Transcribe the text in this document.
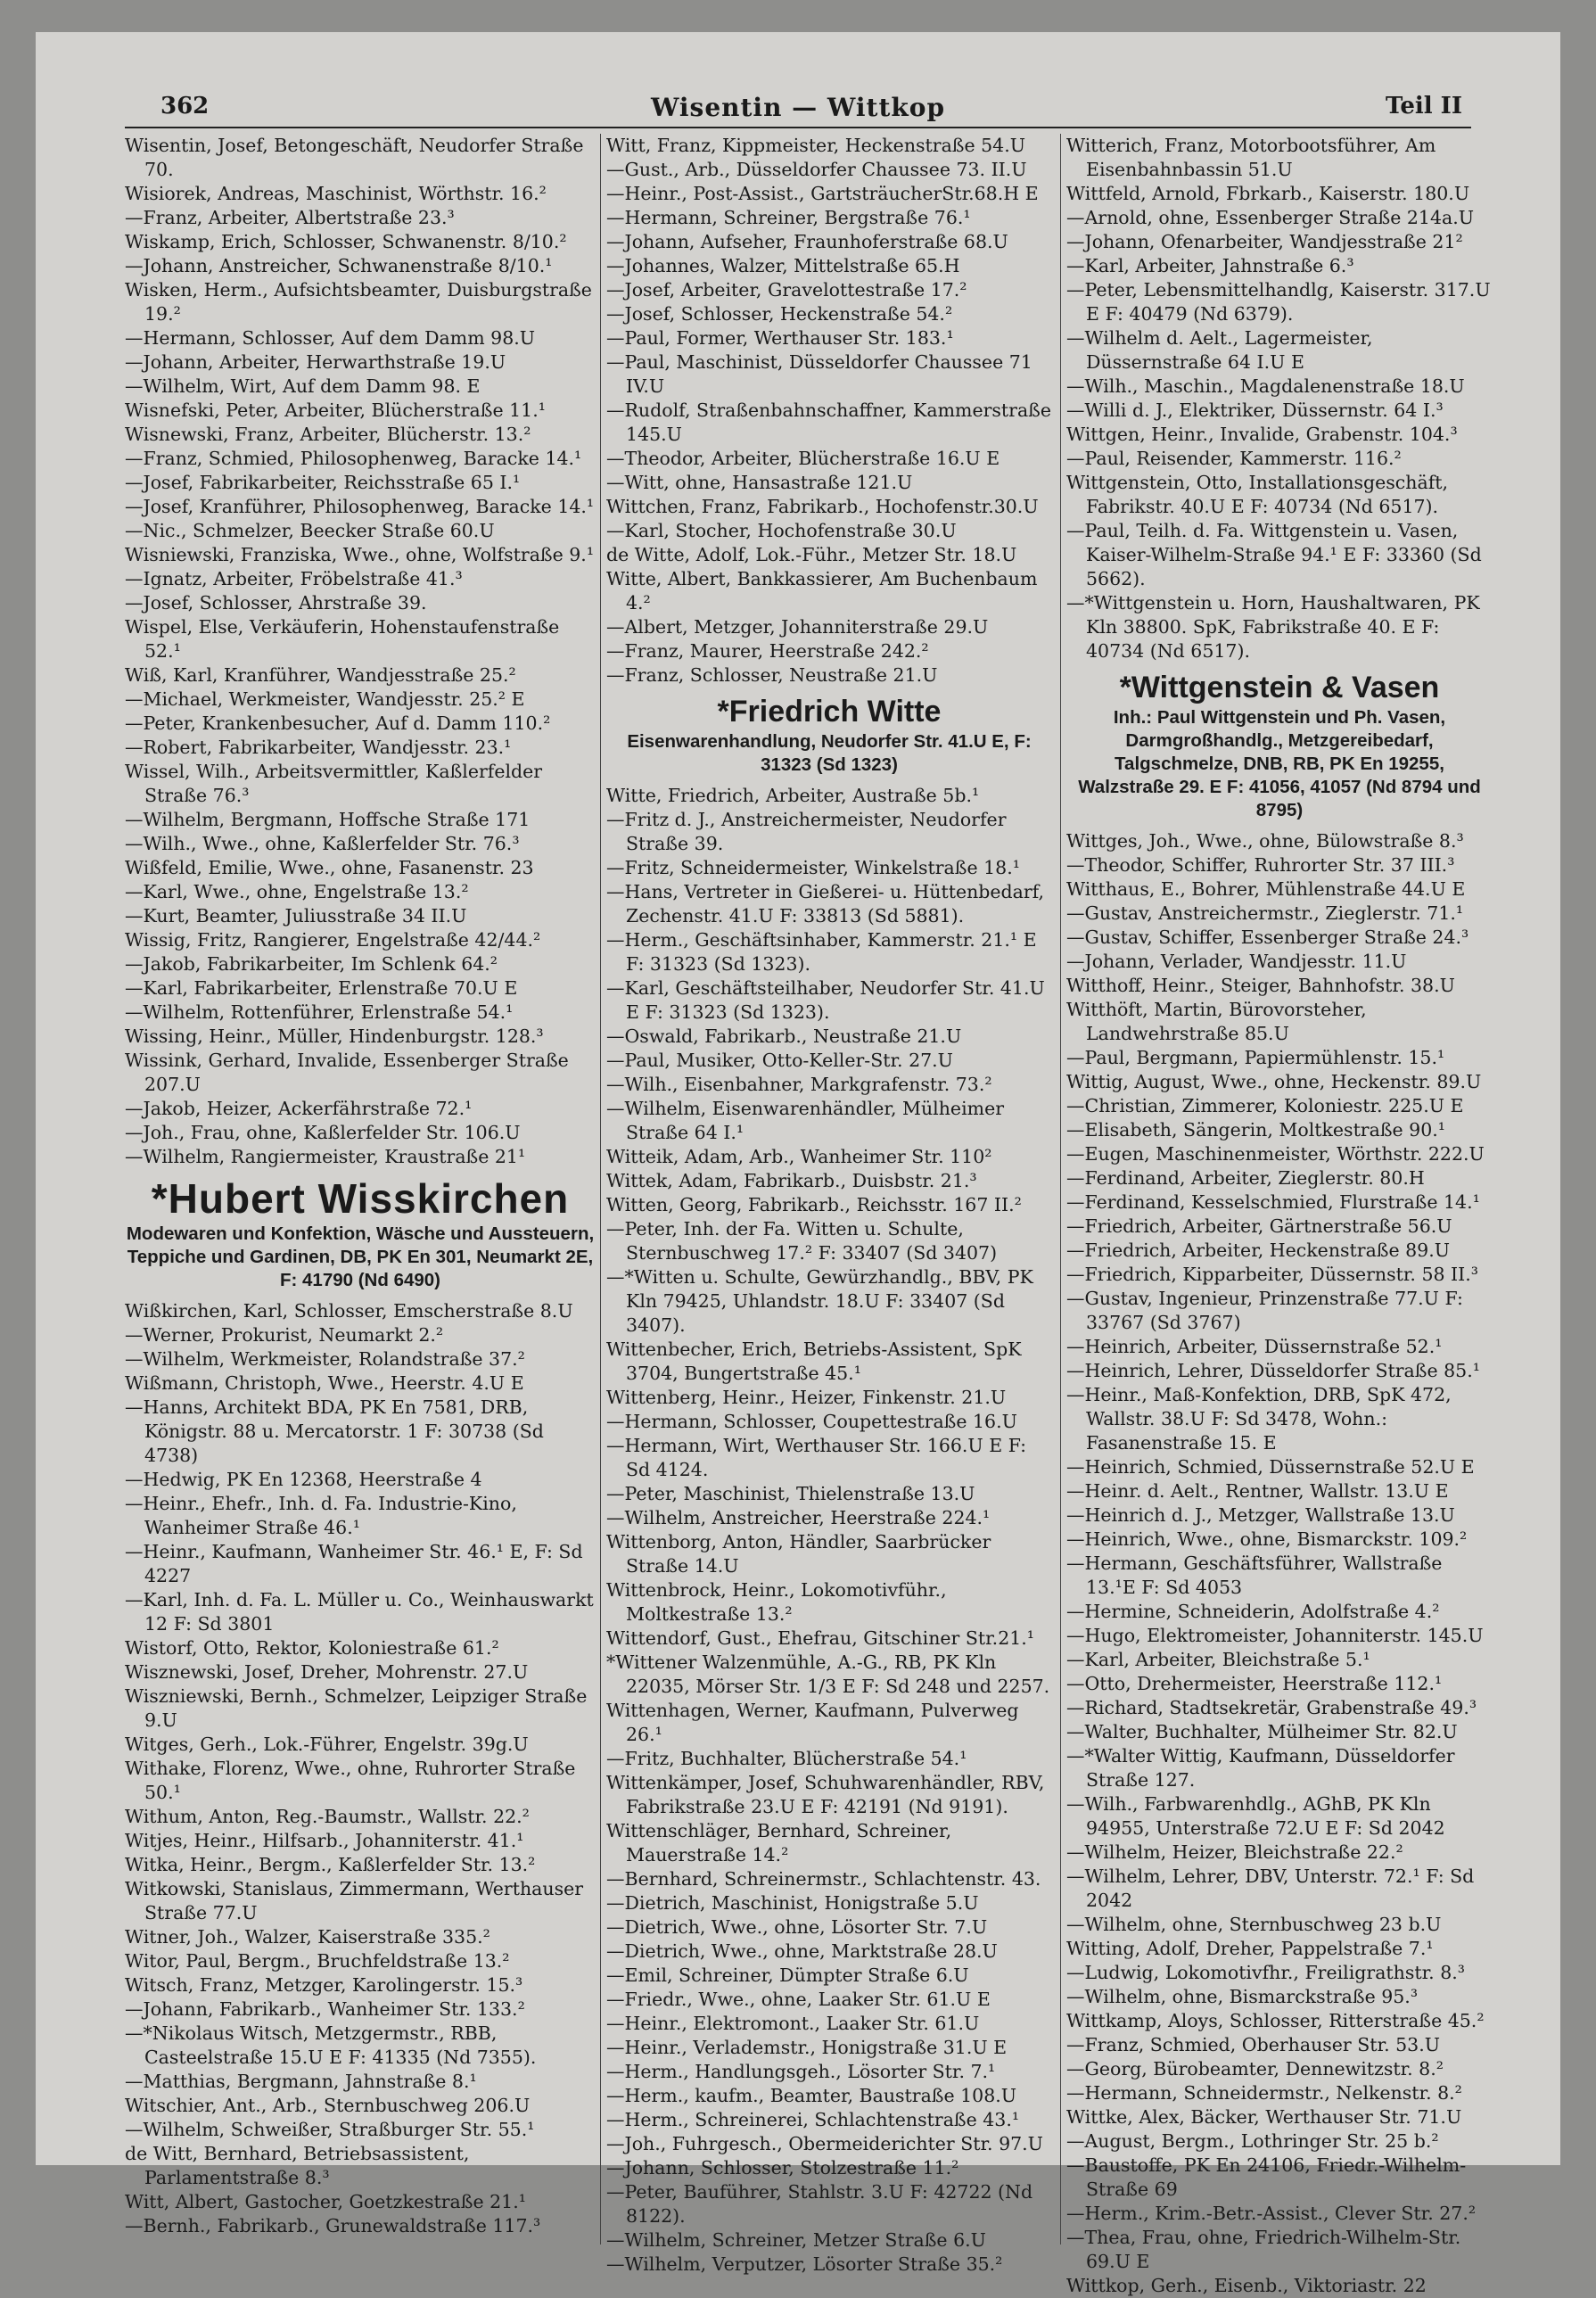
362	Wisentin — Wittkop	Teil II

Wisentin, Josef, Betongeschäft, Neudorfer Straße 70.

Wisiorek, Andreas, Maschinist, Wörthstr. 16.²

—Franz, Arbeiter, Albertstraße 23.³

Wiskamp, Erich, Schlosser, Schwanenstr. 8/10.²

—Johann, Anstreicher, Schwanenstraße 8/10.¹

Wisken, Herm., Aufsichtsbeamter, Duisburgstraße 19.²

—Hermann, Schlosser, Auf dem Damm 98.U

—Johann, Arbeiter, Herwarthstraße 19.U

—Wilhelm, Wirt, Auf dem Damm 98. E

Wisnefski, Peter, Arbeiter, Blücherstraße 11.¹

Wisnewski, Franz, Arbeiter, Blücherstr. 13.²

—Franz, Schmied, Philosophenweg, Baracke 14.¹

—Josef, Fabrikarbeiter, Reichsstraße 65 I.¹

—Josef, Kranführer, Philosophenweg, Baracke 14.¹

—Nic., Schmelzer, Beecker Straße 60.U

Wisniewski, Franziska, Wwe., ohne, Wolfstraße 9.¹

—Ignatz, Arbeiter, Fröbelstraße 41.³

—Josef, Schlosser, Ahrstraße 39.

Wispel, Else, Verkäuferin, Hohenstaufenstraße 52.¹

Wiß, Karl, Kranführer, Wandjesstraße 25.²

—Michael, Werkmeister, Wandjesstr. 25.² E

—Peter, Krankenbesucher, Auf d. Damm 110.²

—Robert, Fabrikarbeiter, Wandjesstr. 23.¹

Wissel, Wilh., Arbeitsvermittler, Kaßlerfelder Straße 76.³

—Wilhelm, Bergmann, Hoffsche Straße 171

—Wilh., Wwe., ohne, Kaßlerfelder Str. 76.³

Wißfeld, Emilie, Wwe., ohne, Fasanenstr. 23

—Karl, Wwe., ohne, Engelstraße 13.²

—Kurt, Beamter, Juliusstraße 34 II.U

Wissig, Fritz, Rangierer, Engelstraße 42/44.²

—Jakob, Fabrikarbeiter, Im Schlenk 64.²

—Karl, Fabrikarbeiter, Erlenstraße 70.U E

—Wilhelm, Rottenführer, Erlenstraße 54.¹

Wissing, Heinr., Müller, Hindenburgstr. 128.³

Wissink, Gerhard, Invalide, Essenberger Straße 207.U

—Jakob, Heizer, Ackerfährstraße 72.¹

—Joh., Frau, ohne, Kaßlerfelder Str. 106.U

—Wilhelm, Rangiermeister, Kraustraße 21¹

*Hubert Wisskirchen
Modewaren und Konfektion, Wäsche und Aussteuern, Teppiche und Gardinen, DB, PK En 301, Neumarkt 2E, F: 41790 (Nd 6490)

Wißkirchen, Karl, Schlosser, Emscherstraße 8.U

—Werner, Prokurist, Neumarkt 2.²

—Wilhelm, Werkmeister, Rolandstraße 37.²

Wißmann, Christoph, Wwe., Heerstr. 4.U E

—Hanns, Architekt BDA, PK En 7581, DRB, Königstr. 88 u. Mercatorstr. 1 F: 30738 (Sd 4738)

—Hedwig, PK En 12368, Heerstraße 4

—Heinr., Ehefr., Inh. d. Fa. Industrie-Kino, Wanheimer Straße 46.¹

—Heinr., Kaufmann, Wanheimer Str. 46.¹ E, F: Sd 4227

—Karl, Inh. d. Fa. L. Müller u. Co., Weinhauswarkt 12 F: Sd 3801

Wistorf, Otto, Rektor, Koloniestraße 61.²

Wisznewski, Josef, Dreher, Mohrenstr. 27.U

Wiszniewski, Bernh., Schmelzer, Leipziger Straße 9.U

Witges, Gerh., Lok.-Führer, Engelstr. 39g.U

Withake, Florenz, Wwe., ohne, Ruhrorter Straße 50.¹

Withum, Anton, Reg.-Baumstr., Wallstr. 22.²

Witjes, Heinr., Hilfsarb., Johanniterstr. 41.¹

Witka, Heinr., Bergm., Kaßlerfelder Str. 13.²

Witkowski, Stanislaus, Zimmermann, Werthauser Straße 77.U

Witner, Joh., Walzer, Kaiserstraße 335.²

Witor, Paul, Bergm., Bruchfeldstraße 13.²

Witsch, Franz, Metzger, Karolingerstr. 15.³

—Johann, Fabrikarb., Wanheimer Str. 133.²

—*Nikolaus Witsch, Metzgermstr., RBB, Casteelstraße 15.U E F: 41335 (Nd 7355).

—Matthias, Bergmann, Jahnstraße 8.¹

Witschier, Ant., Arb., Sternbuschweg 206.U

—Wilhelm, Schweißer, Straßburger Str. 55.¹

de Witt, Bernhard, Betriebsassistent, Parlamentstraße 8.³

Witt, Albert, Gastocher, Goetzkestraße 21.¹

—Bernh., Fabrikarb., Grunewaldstraße 117.³

Witt, Franz, Kippmeister, Heckenstraße 54.U

—Gust., Arb., Düsseldorfer Chaussee 73. II.U

—Heinr., Post-Assist., GartsträucherStr.68.H E

—Hermann, Schreiner, Bergstraße 76.¹

—Johann, Aufseher, Fraunhoferstraße 68.U

—Johannes, Walzer, Mittelstraße 65.H

—Josef, Arbeiter, Gravelottestraße 17.²

—Josef, Schlosser, Heckenstraße 54.²

—Paul, Former, Werthauser Str. 183.¹

—Paul, Maschinist, Düsseldorfer Chaussee 71 IV.U

—Rudolf, Straßenbahnschaffner, Kammerstraße 145.U

—Theodor, Arbeiter, Blücherstraße 16.U E

—Witt, ohne, Hansastraße 121.U

Wittchen, Franz, Fabrikarb., Hochofenstr.30.U

—Karl, Stocher, Hochofenstraße 30.U

de Witte, Adolf, Lok.-Führ., Metzer Str. 18.U

Witte, Albert, Bankkassierer, Am Buchenbaum 4.²

—Albert, Metzger, Johanniterstraße 29.U

—Franz, Maurer, Heerstraße 242.²

—Franz, Schlosser, Neustraße 21.U

*Friedrich Witte
Eisenwarenhandlung, Neudorfer Str. 41.U E, F: 31323 (Sd 1323)

Witte, Friedrich, Arbeiter, Austraße 5b.¹

—Fritz d. J., Anstreichermeister, Neudorfer Straße 39.

—Fritz, Schneidermeister, Winkelstraße 18.¹

—Hans, Vertreter in Gießerei- u. Hüttenbedarf, Zechenstr. 41.U F: 33813 (Sd 5881).

—Herm., Geschäftsinhaber, Kammerstr. 21.¹ E F: 31323 (Sd 1323).

—Karl, Geschäftsteilhaber, Neudorfer Str. 41.U E F: 31323 (Sd 1323).

—Oswald, Fabrikarb., Neustraße 21.U

—Paul, Musiker, Otto-Keller-Str. 27.U

—Wilh., Eisenbahner, Markgrafenstr. 73.²

—Wilhelm, Eisenwarenhändler, Mülheimer Straße 64 I.¹

Witteik, Adam, Arb., Wanheimer Str. 110²

Wittek, Adam, Fabrikarb., Duisbstr. 21.³

Witten, Georg, Fabrikarb., Reichsstr. 167 II.²

—Peter, Inh. der Fa. Witten u. Schulte, Sternbuschweg 17.² F: 33407 (Sd 3407)

—*Witten u. Schulte, Gewürzhandlg., BBV, PK Kln 79425, Uhlandstr. 18.U F: 33407 (Sd 3407).

Wittenbecher, Erich, Betriebs-Assistent, SpK 3704, Bungertstraße 45.¹

Wittenberg, Heinr., Heizer, Finkenstr. 21.U

—Hermann, Schlosser, Coupettestraße 16.U

—Hermann, Wirt, Werthauser Str. 166.U E F: Sd 4124.

—Peter, Maschinist, Thielenstraße 13.U

—Wilhelm, Anstreicher, Heerstraße 224.¹

Wittenborg, Anton, Händler, Saarbrücker Straße 14.U

Wittenbrock, Heinr., Lokomotivführ., Moltkestraße 13.²

Wittendorf, Gust., Ehefrau, Gitschiner Str.21.¹

*Wittener Walzenmühle, A.-G., RB, PK Kln 22035, Mörser Str. 1/3 E F: Sd 248 und 2257.

Wittenhagen, Werner, Kaufmann, Pulverweg 26.¹

—Fritz, Buchhalter, Blücherstraße 54.¹

Wittenkämper, Josef, Schuhwarenhändler, RBV, Fabrikstraße 23.U E F: 42191 (Nd 9191).

Wittenschläger, Bernhard, Schreiner, Mauerstraße 14.²

—Bernhard, Schreinermstr., Schlachtenstr. 43.

—Dietrich, Maschinist, Honigstraße 5.U

—Dietrich, Wwe., ohne, Lösorter Str. 7.U

—Dietrich, Wwe., ohne, Marktstraße 28.U

—Emil, Schreiner, Dümpter Straße 6.U

—Friedr., Wwe., ohne, Laaker Str. 61.U E

—Heinr., Elektromont., Laaker Str. 61.U

—Heinr., Verlademstr., Honigstraße 31.U E

—Herm., Handlungsgeh., Lösorter Str. 7.¹

—Herm., kaufm., Beamter, Baustraße 108.U

—Herm., Schreinerei, Schlachtenstraße 43.¹

—Joh., Fuhrgesch., Obermeiderichter Str. 97.U

—Johann, Schlosser, Stolzestraße 11.²

—Peter, Bauführer, Stahlstr. 3.U F: 42722 (Nd 8122).

—Wilhelm, Schreiner, Metzer Straße 6.U

—Wilhelm, Verputzer, Lösorter Straße 35.²

Witterich, Franz, Motorbootsführer, Am Eisenbahnbassin 51.U

Wittfeld, Arnold, Fbrkarb., Kaiserstr. 180.U

—Arnold, ohne, Essenberger Straße 214a.U

—Johann, Ofenarbeiter, Wandjesstraße 21²

—Karl, Arbeiter, Jahnstraße 6.³

—Peter, Lebensmittelhandlg, Kaiserstr. 317.U E F: 40479 (Nd 6379).

—Wilhelm d. Aelt., Lagermeister, Düssernstraße 64 I.U E

—Wilh., Maschin., Magdalenenstraße 18.U

—Willi d. J., Elektriker, Düssernstr. 64 I.³

Wittgen, Heinr., Invalide, Grabenstr. 104.³

—Paul, Reisender, Kammerstr. 116.²

Wittgenstein, Otto, Installationsgeschäft, Fabrikstr. 40.U E F: 40734 (Nd 6517).

—Paul, Teilh. d. Fa. Wittgenstein u. Vasen, Kaiser-Wilhelm-Straße 94.¹ E F: 33360 (Sd 5662).

—*Wittgenstein u. Horn, Haushaltwaren, PK Kln 38800. SpK, Fabrikstraße 40. E F: 40734 (Nd 6517).

*Wittgenstein & Vasen
Inh.: Paul Wittgenstein und Ph. Vasen, Darmgroßhandlg., Metzgereibedarf, Talgschmelze, DNB, RB, PK En 19255, Walzstraße 29. E F: 41056, 41057 (Nd 8794 und 8795)

Wittges, Joh., Wwe., ohne, Bülowstraße 8.³

—Theodor, Schiffer, Ruhrorter Str. 37 III.³

Witthaus, E., Bohrer, Mühlenstraße 44.U E

—Gustav, Anstreichermstr., Zieglerstr. 71.¹

—Gustav, Schiffer, Essenberger Straße 24.³

—Johann, Verlader, Wandjesstr. 11.U

Witthoff, Heinr., Steiger, Bahnhofstr. 38.U

Witthöft, Martin, Bürovorsteher, Landwehrstraße 85.U

—Paul, Bergmann, Papiermühlenstr. 15.¹

Wittig, August, Wwe., ohne, Heckenstr. 89.U

—Christian, Zimmerer, Koloniestr. 225.U E

—Elisabeth, Sängerin, Moltkestraße 90.¹

—Eugen, Maschinenmeister, Wörthstr. 222.U

—Ferdinand, Arbeiter, Zieglerstr. 80.H

—Ferdinand, Kesselschmied, Flurstraße 14.¹

—Friedrich, Arbeiter, Gärtnerstraße 56.U

—Friedrich, Arbeiter, Heckenstraße 89.U

—Friedrich, Kipparbeiter, Düssernstr. 58 II.³

—Gustav, Ingenieur, Prinzenstraße 77.U F: 33767 (Sd 3767)

—Heinrich, Arbeiter, Düssernstraße 52.¹

—Heinrich, Lehrer, Düsseldorfer Straße 85.¹

—Heinr., Maß-Konfektion, DRB, SpK 472, Wallstr. 38.U F: Sd 3478, Wohn.: Fasanenstraße 15. E

—Heinrich, Schmied, Düssernstraße 52.U E

—Heinr. d. Aelt., Rentner, Wallstr. 13.U E

—Heinrich d. J., Metzger, Wallstraße 13.U

—Heinrich, Wwe., ohne, Bismarckstr. 109.²

—Hermann, Geschäftsführer, Wallstraße 13.¹E F: Sd 4053

—Hermine, Schneiderin, Adolfstraße 4.²

—Hugo, Elektromeister, Johanniterstr. 145.U

—Karl, Arbeiter, Bleichstraße 5.¹

—Otto, Drehermeister, Heerstraße 112.¹

—Richard, Stadtsekretär, Grabenstraße 49.³

—Walter, Buchhalter, Mülheimer Str. 82.U

—*Walter Wittig, Kaufmann, Düsseldorfer Straße 127.

—Wilh., Farbwarenhdlg., AGhB, PK Kln 94955, Unterstraße 72.U E F: Sd 2042

—Wilhelm, Heizer, Bleichstraße 22.²

—Wilhelm, Lehrer, DBV, Unterstr. 72.¹ F: Sd 2042

—Wilhelm, ohne, Sternbuschweg 23 b.U

Witting, Adolf, Dreher, Pappelstraße 7.¹

—Ludwig, Lokomotivfhr., Freiligrathstr. 8.³

—Wilhelm, ohne, Bismarckstraße 95.³

Wittkamp, Aloys, Schlosser, Ritterstraße 45.²

—Franz, Schmied, Oberhauser Str. 53.U

—Georg, Bürobeamter, Dennewitzstr. 8.²

—Hermann, Schneidermstr., Nelkenstr. 8.²

Wittke, Alex, Bäcker, Werthauser Str. 71.U

—August, Bergm., Lothringer Str. 25 b.²

—Baustoffe, PK En 24106, Friedr.-Wilhelm-Straße 69

—Herm., Krim.-Betr.-Assist., Clever Str. 27.²

—Thea, Frau, ohne, Friedrich-Wilhelm-Str. 69.U E

Wittkop, Gerh., Eisenb., Viktoriastr. 22
